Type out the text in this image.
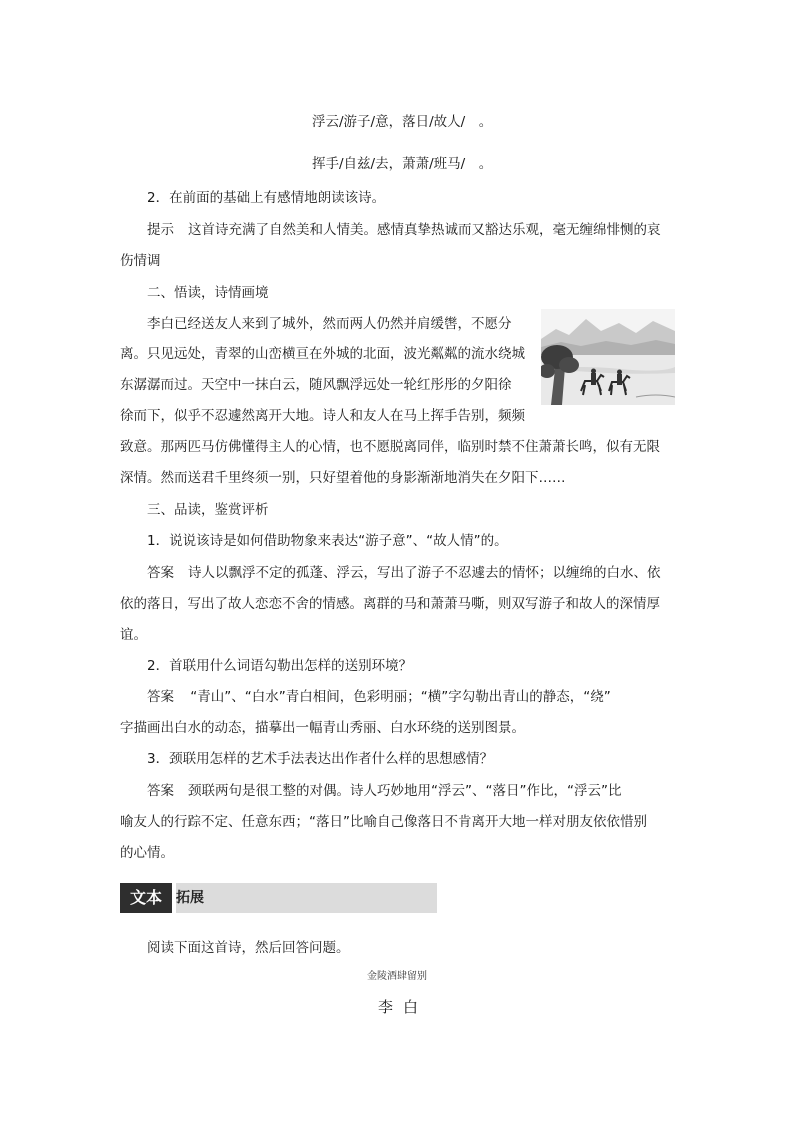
浮云/游子/意，落日/故人/　。
挥手/自兹/去，萧萧/班马/　。
2．在前面的基础上有感情地朗读该诗。
提示 这首诗充满了自然美和人情美。感情真挚热诚而又豁达乐观，毫无缠绵悱恻的哀
伤情调
二、悟读，诗情画境
李白已经送友人来到了城外，然而两人仍然并肩缓辔，不愿分
离。只见远处，青翠的山峦横亘在外城的北面，波光粼粼的流水绕城
东潺潺而过。天空中一抹白云，随风飘浮远处一轮红彤彤的夕阳徐
徐而下，似乎不忍遽然离开大地。诗人和友人在马上挥手告别，频频
致意。那两匹马仿佛懂得主人的心情，也不愿脱离同伴，临别时禁不住萧萧长鸣，似有无限
深情。然而送君千里终须一别，只好望着他的身影渐渐地消失在夕阳下……
三、品读，鉴赏评析
1．说说该诗是如何借助物象来表达“游子意”、“故人情”的。
答案 诗人以飘浮不定的孤蓬、浮云，写出了游子不忍遽去的情怀；以缠绵的白水、依
依的落日，写出了故人恋恋不舍的情感。离群的马和萧萧马嘶，则双写游子和故人的深情厚
谊。
2．首联用什么词语勾勒出怎样的送别环境？
答案 “青山”、“白水”青白相间，色彩明丽；“横”字勾勒出青山的静态，“绕”
字描画出白水的动态，描摹出一幅青山秀丽、白水环绕的送别图景。
3．颈联用怎样的艺术手法表达出作者什么样的思想感情？
答案 颈联两句是很工整的对偶。诗人巧妙地用“浮云”、“落日”作比，“浮云”比
喻友人的行踪不定、任意东西；“落日”比喻自己像落日不肯离开大地一样对朋友依依惜别
的心情。
文本	拓展
阅读下面这首诗，然后回答问题。
金陵酒肆留别
李白
